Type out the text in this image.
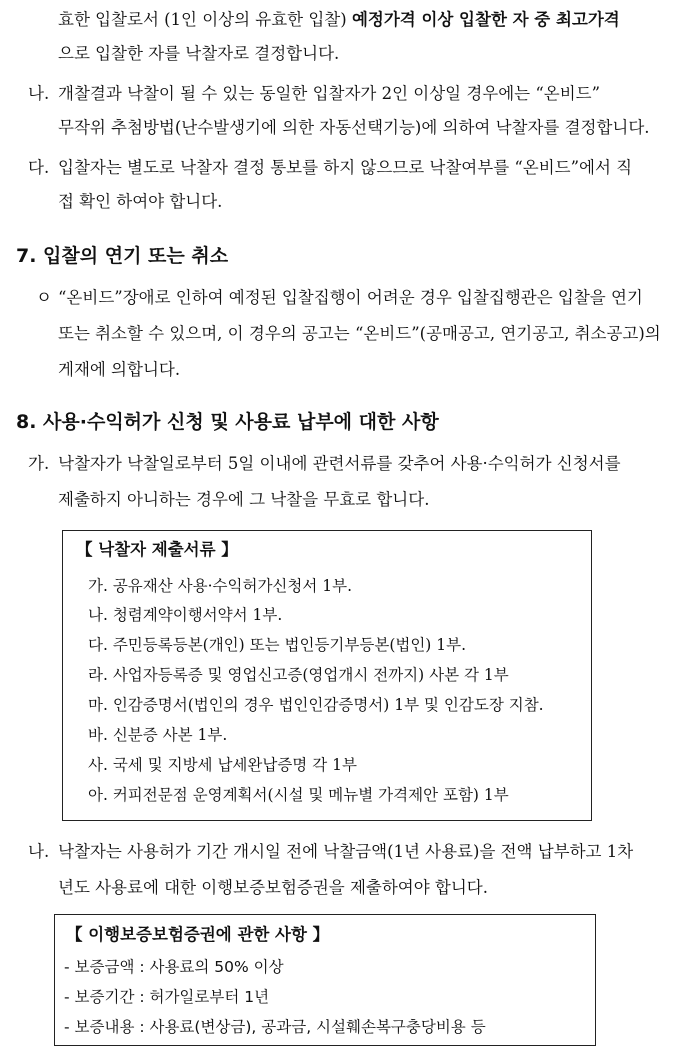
효한 입찰로서 (1인 이상의 유효한 입찰) 예정가격 이상 입찰한 자 중 최고가격
으로 입찰한 자를 낙찰자로 결정합니다.
나. 개찰결과 낙찰이 될 수 있는 동일한 입찰자가 2인 이상일 경우에는 “온비드”
무작위 추첨방법(난수발생기에 의한 자동선택기능)에 의하여 낙찰자를 결정합니다.
다. 입찰자는 별도로 낙찰자 결정 통보를 하지 않으므로 낙찰여부를 “온비드”에서 직
접 확인 하여야 합니다.
7. 입찰의 연기 또는 취소
ㅇ “온비드”장애로 인하여 예정된 입찰집행이 어려운 경우 입찰집행관은 입찰을 연기
또는 취소할 수 있으며, 이 경우의 공고는 “온비드”(공매공고, 연기공고, 취소공고)의
게재에 의합니다.
8. 사용·수익허가 신청 및 사용료 납부에 대한 사항
가. 낙찰자가 낙찰일로부터 5일 이내에 관련서류를 갖추어 사용·수익허가 신청서를
제출하지 아니하는 경우에 그 낙찰을 무효로 합니다.
【 낙찰자 제출서류 】
가. 공유재산 사용·수익허가신청서 1부.
나. 청렴계약이행서약서 1부.
다. 주민등록등본(개인) 또는 법인등기부등본(법인) 1부.
라. 사업자등록증 및 영업신고증(영업개시 전까지) 사본 각 1부
마. 인감증명서(법인의 경우 법인인감증명서) 1부 및 인감도장 지참.
바. 신분증 사본 1부.
사. 국세 및 지방세 납세완납증명 각 1부
아. 커피전문점 운영계획서(시설 및 메뉴별 가격제안 포함) 1부
나. 낙찰자는 사용허가 기간 개시일 전에 낙찰금액(1년 사용료)을 전액 납부하고 1차
년도 사용료에 대한 이행보증보험증권을 제출하여야 합니다.
【 이행보증보험증권에 관한 사항 】
- 보증금액 : 사용료의 50% 이상
- 보증기간 : 허가일로부터 1년
- 보증내용 : 사용료(변상금), 공과금, 시설훼손복구충당비용 등
